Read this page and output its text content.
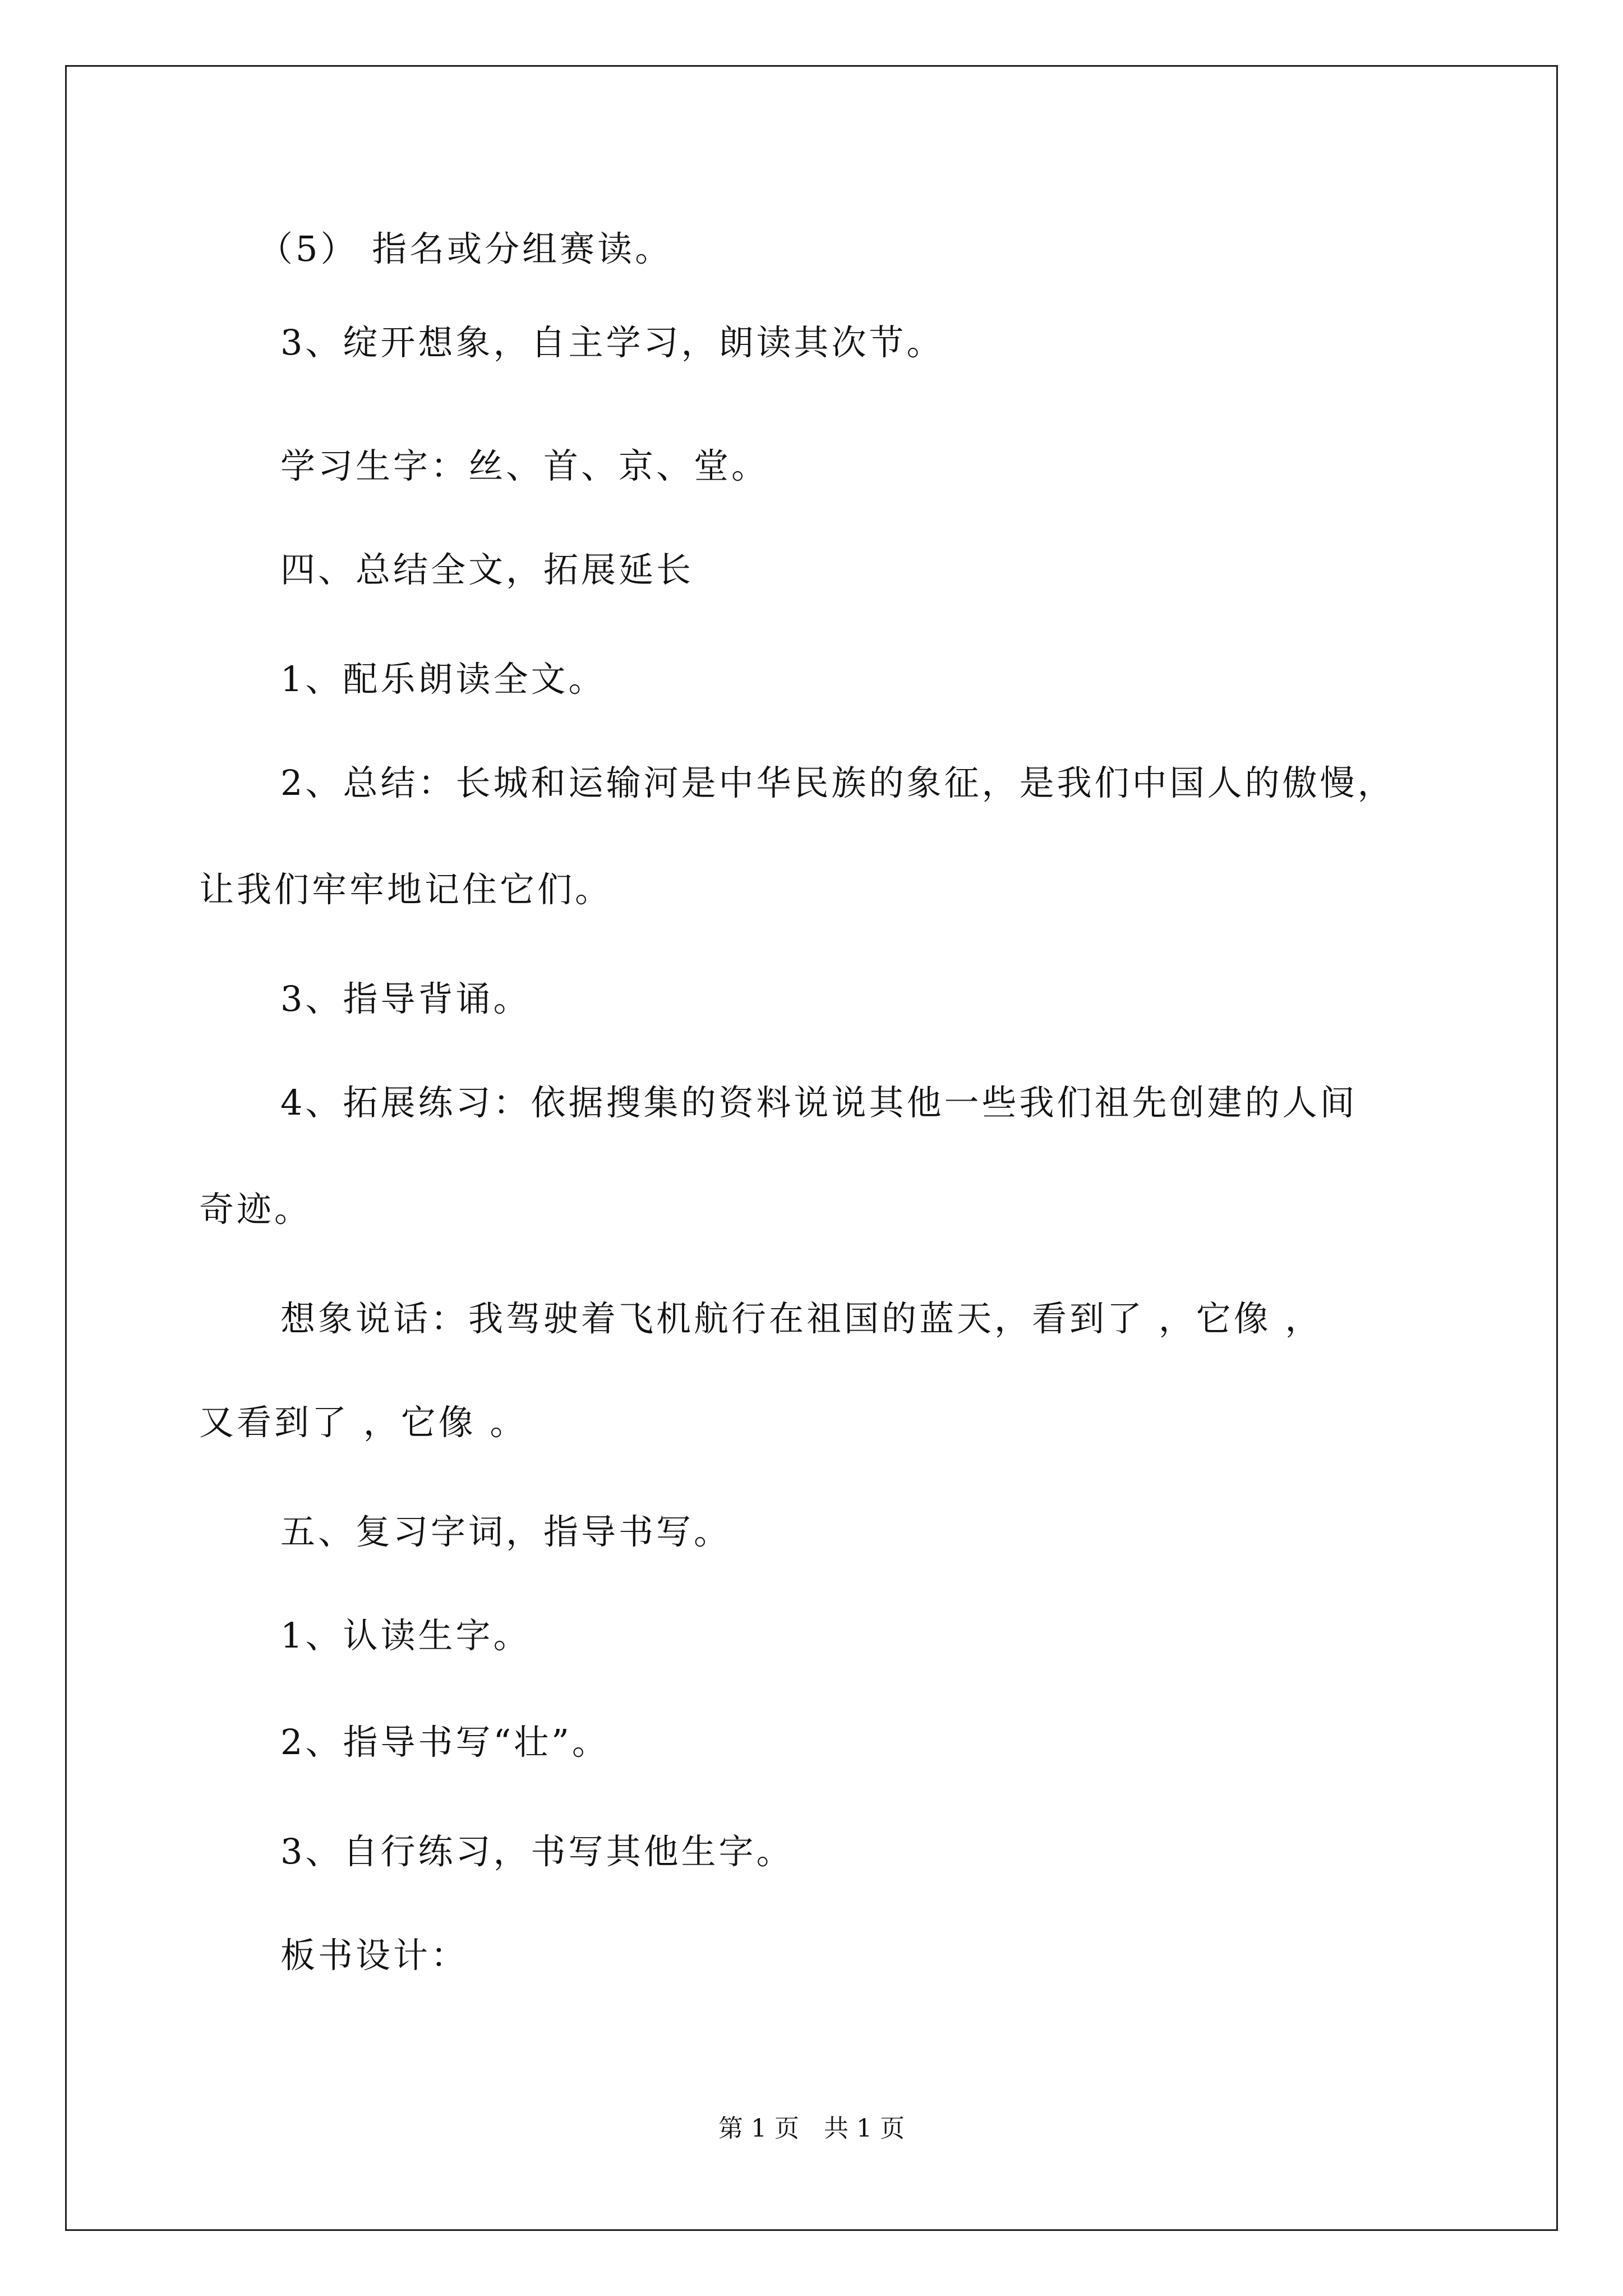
（5） 指名或分组赛读。
3、绽开想象，自主学习，朗读其次节。
学习生字：丝、首、京、堂。
四、总结全文，拓展延长
1、配乐朗读全文。
2、总结：长城和运输河是中华民族的象征，是我们中国人的傲慢，
让我们牢牢地记住它们。
3、指导背诵。
4、拓展练习：依据搜集的资料说说其他一些我们祖先创建的人间
奇迹。
想象说话：我驾驶着飞机航行在祖国的蓝天，看到了 ，它像 ，
又看到了 ，它像 。
五、复习字词，指导书写。
1、认读生字。
2、指导书写“壮”。
3、自行练习，书写其他生字。
板书设计：
第 1 页　共 1 页
